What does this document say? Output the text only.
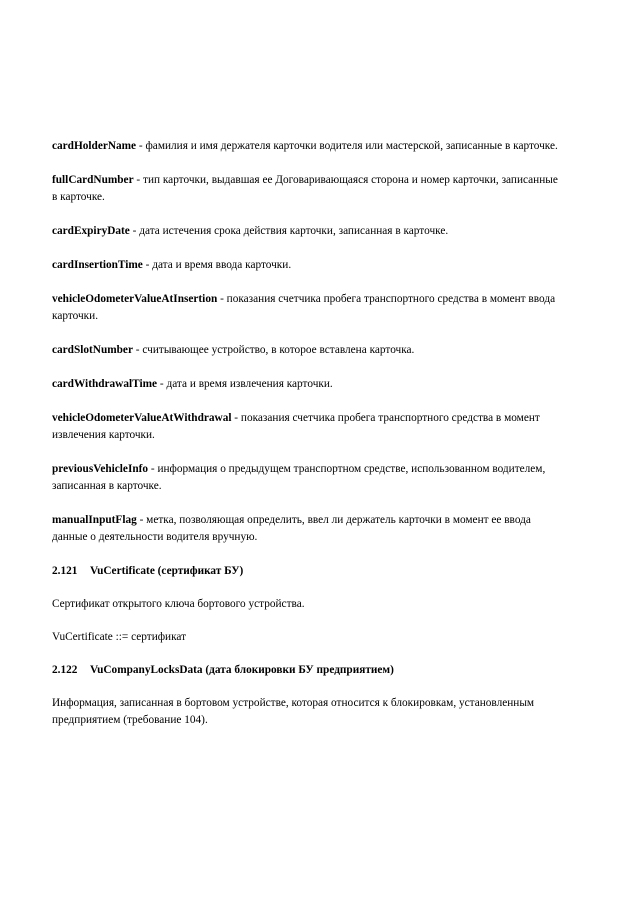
cardHolderName - фамилия и имя держателя карточки водителя или мастерской, записанные в карточке.

fullCardNumber - тип карточки, выдавшая ее Договаривающаяся сторона и номер карточки, записанные в карточке.

cardExpiryDate - дата истечения срока действия карточки, записанная в карточке.

cardInsertionTime - дата и время ввода карточки.

vehicleOdometerValueAtInsertion - показания счетчика пробега транспортного средства в момент ввода карточки.

cardSlotNumber - считывающее устройство, в которое вставлена карточка.

cardWithdrawalTime - дата и время извлечения карточки.

vehicleOdometerValueAtWithdrawal - показания счетчика пробега транспортного средства в момент извлечения карточки.

previousVehicleInfo - информация о предыдущем транспортном средстве, использованном водителем, записанная в карточке.

manualInputFlag - метка, позволяющая определить, ввел ли держатель карточки в момент ее ввода данные о деятельности водителя вручную.

2.121 VuCertificate (сертификат БУ)

Сертификат открытого ключа бортового устройства.

VuCertificate ::= сертификат

2.122 VuCompanyLocksData (дата блокировки БУ предприятием)

Информация, записанная в бортовом устройстве, которая относится к блокировкам, установленным предприятием (требование 104).
